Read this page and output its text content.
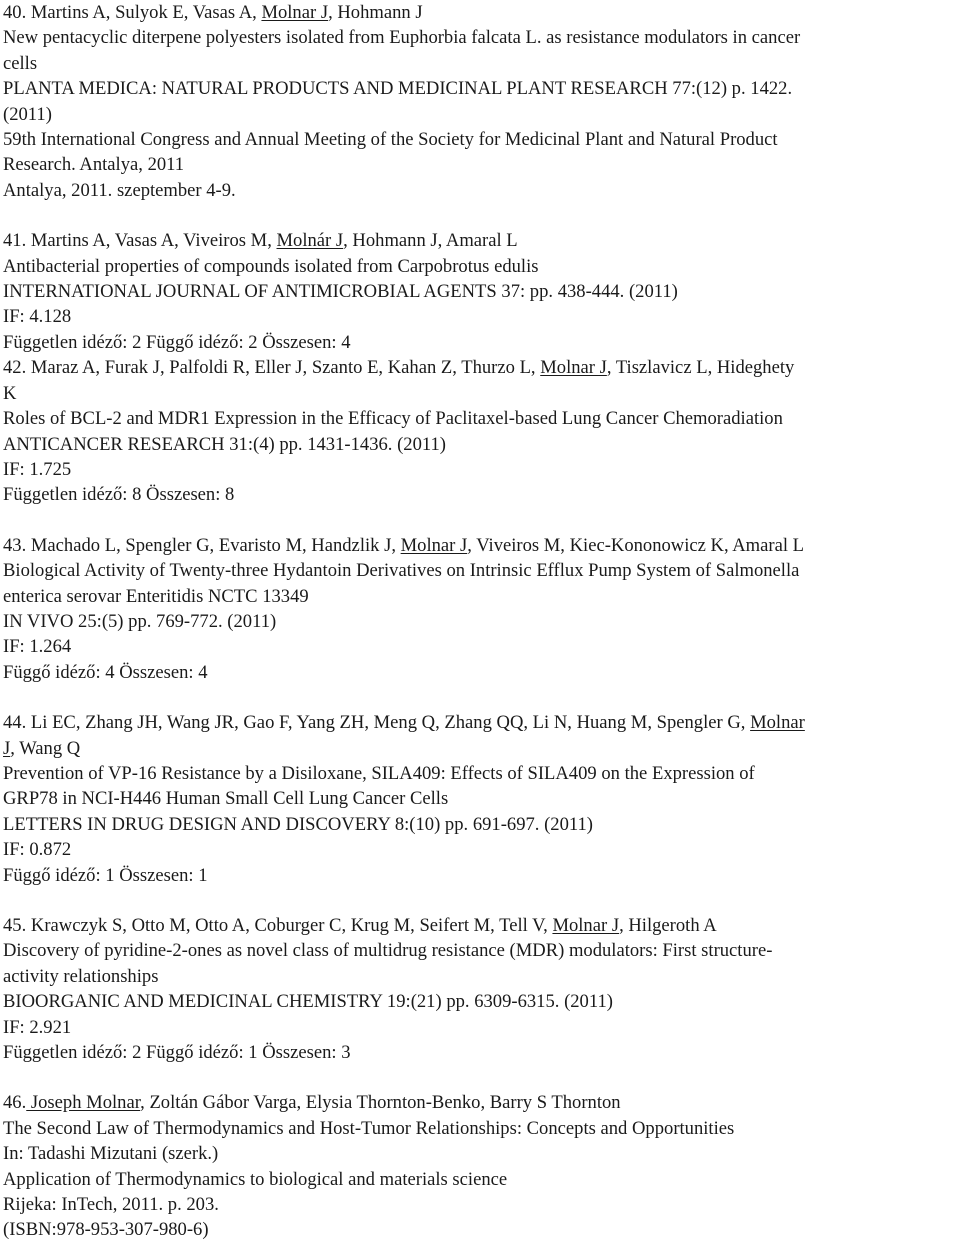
40. Martins A, Sulyok E, Vasas A, Molnar J, Hohmann J
New pentacyclic diterpene polyesters isolated from Euphorbia falcata L. as resistance modulators in cancer
cells
PLANTA MEDICA: NATURAL PRODUCTS AND MEDICINAL PLANT RESEARCH 77:(12) p. 1422.
(2011)
59th International Congress and Annual Meeting of the Society for Medicinal Plant and Natural Product
Research. Antalya, 2011
Antalya, 2011. szeptember 4-9.
41. Martins A, Vasas A, Viveiros M, Molnár J, Hohmann J, Amaral L
Antibacterial properties of compounds isolated from Carpobrotus edulis
INTERNATIONAL JOURNAL OF ANTIMICROBIAL AGENTS 37: pp. 438-444. (2011)
IF: 4.128
Független idéző: 2 Függő idéző: 2 Összesen: 4
42. Maraz A, Furak J, Palfoldi R, Eller J, Szanto E, Kahan Z, Thurzo L, Molnar J, Tiszlavicz L, Hideghety
K
Roles of BCL-2 and MDR1 Expression in the Efficacy of Paclitaxel-based Lung Cancer Chemoradiation
ANTICANCER RESEARCH 31:(4) pp. 1431-1436. (2011)
IF: 1.725
Független idéző: 8 Összesen: 8
43. Machado L, Spengler G, Evaristo M, Handzlik J, Molnar J, Viveiros M, Kiec-Kononowicz K, Amaral L
Biological Activity of Twenty-three Hydantoin Derivatives on Intrinsic Efflux Pump System of Salmonella
enterica serovar Enteritidis NCTC 13349
IN VIVO 25:(5) pp. 769-772. (2011)
IF: 1.264
Függő idéző: 4 Összesen: 4
44. Li EC, Zhang JH, Wang JR, Gao F, Yang ZH, Meng Q, Zhang QQ, Li N, Huang M, Spengler G, Molnar
J, Wang Q
Prevention of VP-16 Resistance by a Disiloxane, SILA409: Effects of SILA409 on the Expression of
GRP78 in NCI-H446 Human Small Cell Lung Cancer Cells
LETTERS IN DRUG DESIGN AND DISCOVERY 8:(10) pp. 691-697. (2011)
IF: 0.872
Függő idéző: 1 Összesen: 1
45. Krawczyk S, Otto M, Otto A, Coburger C, Krug M, Seifert M, Tell V, Molnar J, Hilgeroth A
Discovery of pyridine-2-ones as novel class of multidrug resistance (MDR) modulators: First structure-
activity relationships
BIOORGANIC AND MEDICINAL CHEMISTRY 19:(21) pp. 6309-6315. (2011)
IF: 2.921
Független idéző: 2 Függő idéző: 1 Összesen: 3
46. Joseph Molnar, Zoltán Gábor Varga, Elysia Thornton-Benko, Barry S Thornton
The Second Law of Thermodynamics and Host-Tumor Relationships: Concepts and Opportunities
In: Tadashi Mizutani (szerk.)
Application of Thermodynamics to biological and materials science
Rijeka: InTech, 2011. p. 203.
(ISBN:978-953-307-980-6)
